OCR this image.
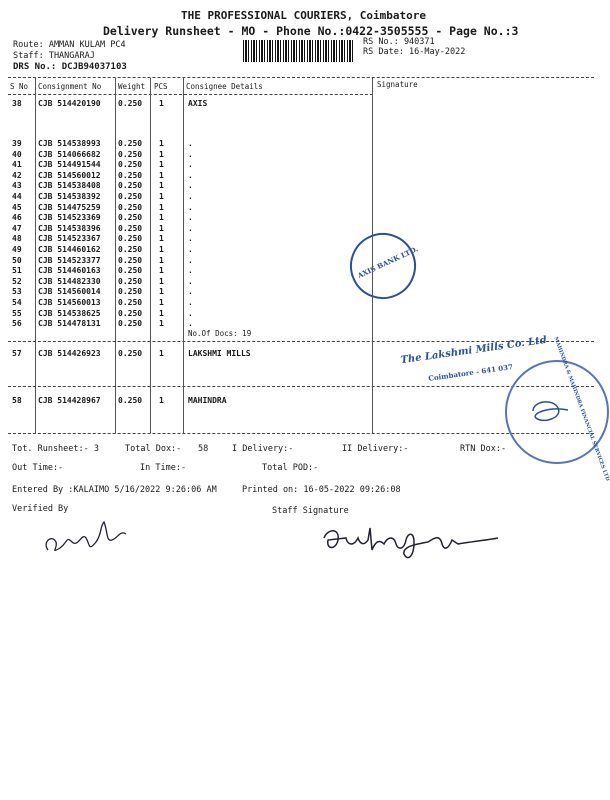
THE PROFESSIONAL COURIERS, Coimbatore
Delivery Runsheet - MO - Phone No.:0422-3505555 - Page No.:3
Route: AMMAN KULAM PC4
Staff: THANGARAJ
DRS No.: DCJB94037103
RS No.: 940371
RS Date: 16-May-2022
S No Consignment No Weight PCS Consignee Details	Signature
38 CJB 514420190 0.250 1	AXIS
39 CJB 514538993 0.250 1	.
40 CJB 514066682 0.250 1	.
41 CJB 514491544 0.250 1	.
42 CJB 514560012 0.250 1	.
43 CJB 514538408 0.250 1	.
44 CJB 514538392 0.250 1	.
45 CJB 514475259 0.250 1	.
46 CJB 514523369 0.250 1	.
47 CJB 514538396 0.250 1	.
48 CJB 514523367 0.250 1	.
49 CJB 514460162 0.250 1	.
50 CJB 514523377 0.250 1	.
51 CJB 514460163 0.250 1	.
52 CJB 514482330 0.250 1	.
53 CJB 514560014 0.250 1	.
54 CJB 514560013 0.250 1	.
55 CJB 514538625 0.250 1	.
56 CJB 514478131 0.250 1	.
No.Of Docs: 19
57 CJB 514426923 0.250 1	LAKSHMI MILLS
58 CJB 514428967 0.250 1	MAHINDRA
AXIS BANK LTD.
The Lakshmi Mills Co. Ltd
Coimbatore - 641 037	MAHINDRA & MAHINDRA FINANCIAL SERVICES LTD
Tot. Runsheet:- 3	Total Dox:- 58	I Delivery:-	II Delivery:-	RTN Dox:-
Out Time:-	In Time:-	Total POD:-
Entered By :KALAIMO 5/16/2022 9:26:06 AM	Printed on: 16-05-2022 09:26:08
Verified By	Staff Signature
